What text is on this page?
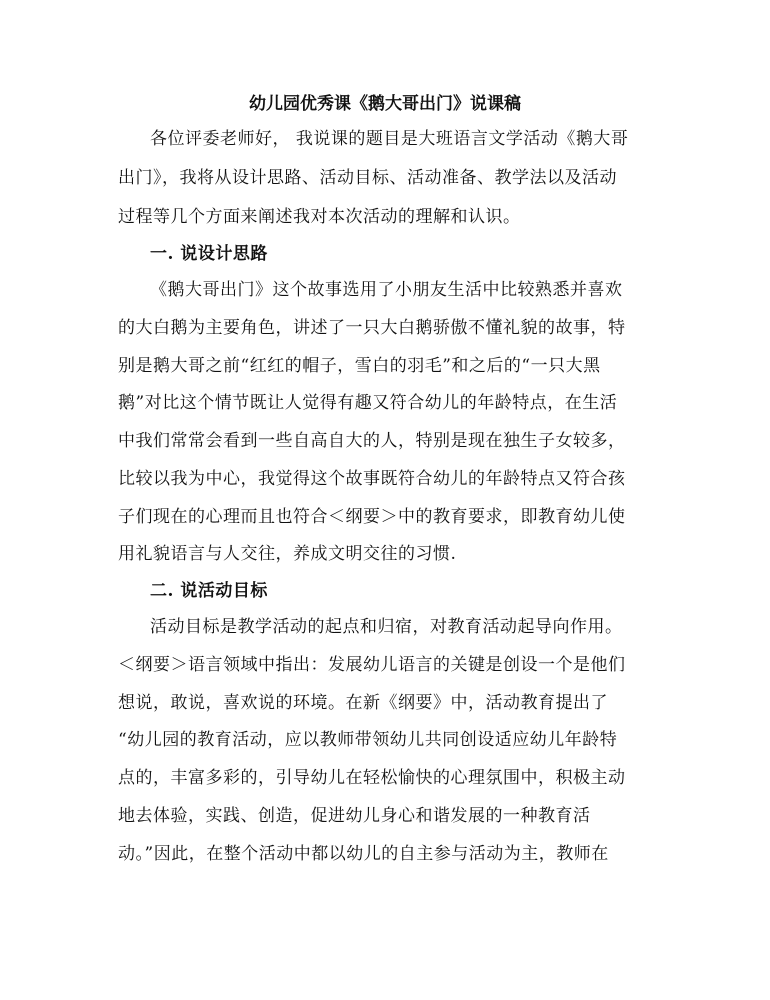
幼儿园优秀课《鹅大哥出门》说课稿
各位评委老师好， 我说课的题目是大班语言文学活动《鹅大哥
出门》，我将从设计思路、活动目标、活动准备、教学法以及活动
过程等几个方面来阐述我对本次活动的理解和认识。
一. 说设计思路
《鹅大哥出门》这个故事选用了小朋友生活中比较熟悉并喜欢
的大白鹅为主要角色，讲述了一只大白鹅骄傲不懂礼貌的故事，特
别是鹅大哥之前“红红的帽子，雪白的羽毛”和之后的“一只大黑
鹅”对比这个情节既让人觉得有趣又符合幼儿的年龄特点，在生活
中我们常常会看到一些自高自大的人，特别是现在独生子女较多，
比较以我为中心，我觉得这个故事既符合幼儿的年龄特点又符合孩
子们现在的心理而且也符合＜纲要＞中的教育要求，即教育幼儿使
用礼貌语言与人交往，养成文明交往的习惯.
二. 说活动目标
活动目标是教学活动的起点和归宿，对教育活动起导向作用。
＜纲要＞语言领域中指出：发展幼儿语言的关键是创设一个是他们
想说，敢说，喜欢说的环境。在新《纲要》中，活动教育提出了
“幼儿园的教育活动，应以教师带领幼儿共同创设适应幼儿年龄特
点的，丰富多彩的，引导幼儿在轻松愉快的心理氛围中，积极主动
地去体验，实践、创造，促进幼儿身心和谐发展的一种教育活
动。”因此，在整个活动中都以幼儿的自主参与活动为主，教师在
